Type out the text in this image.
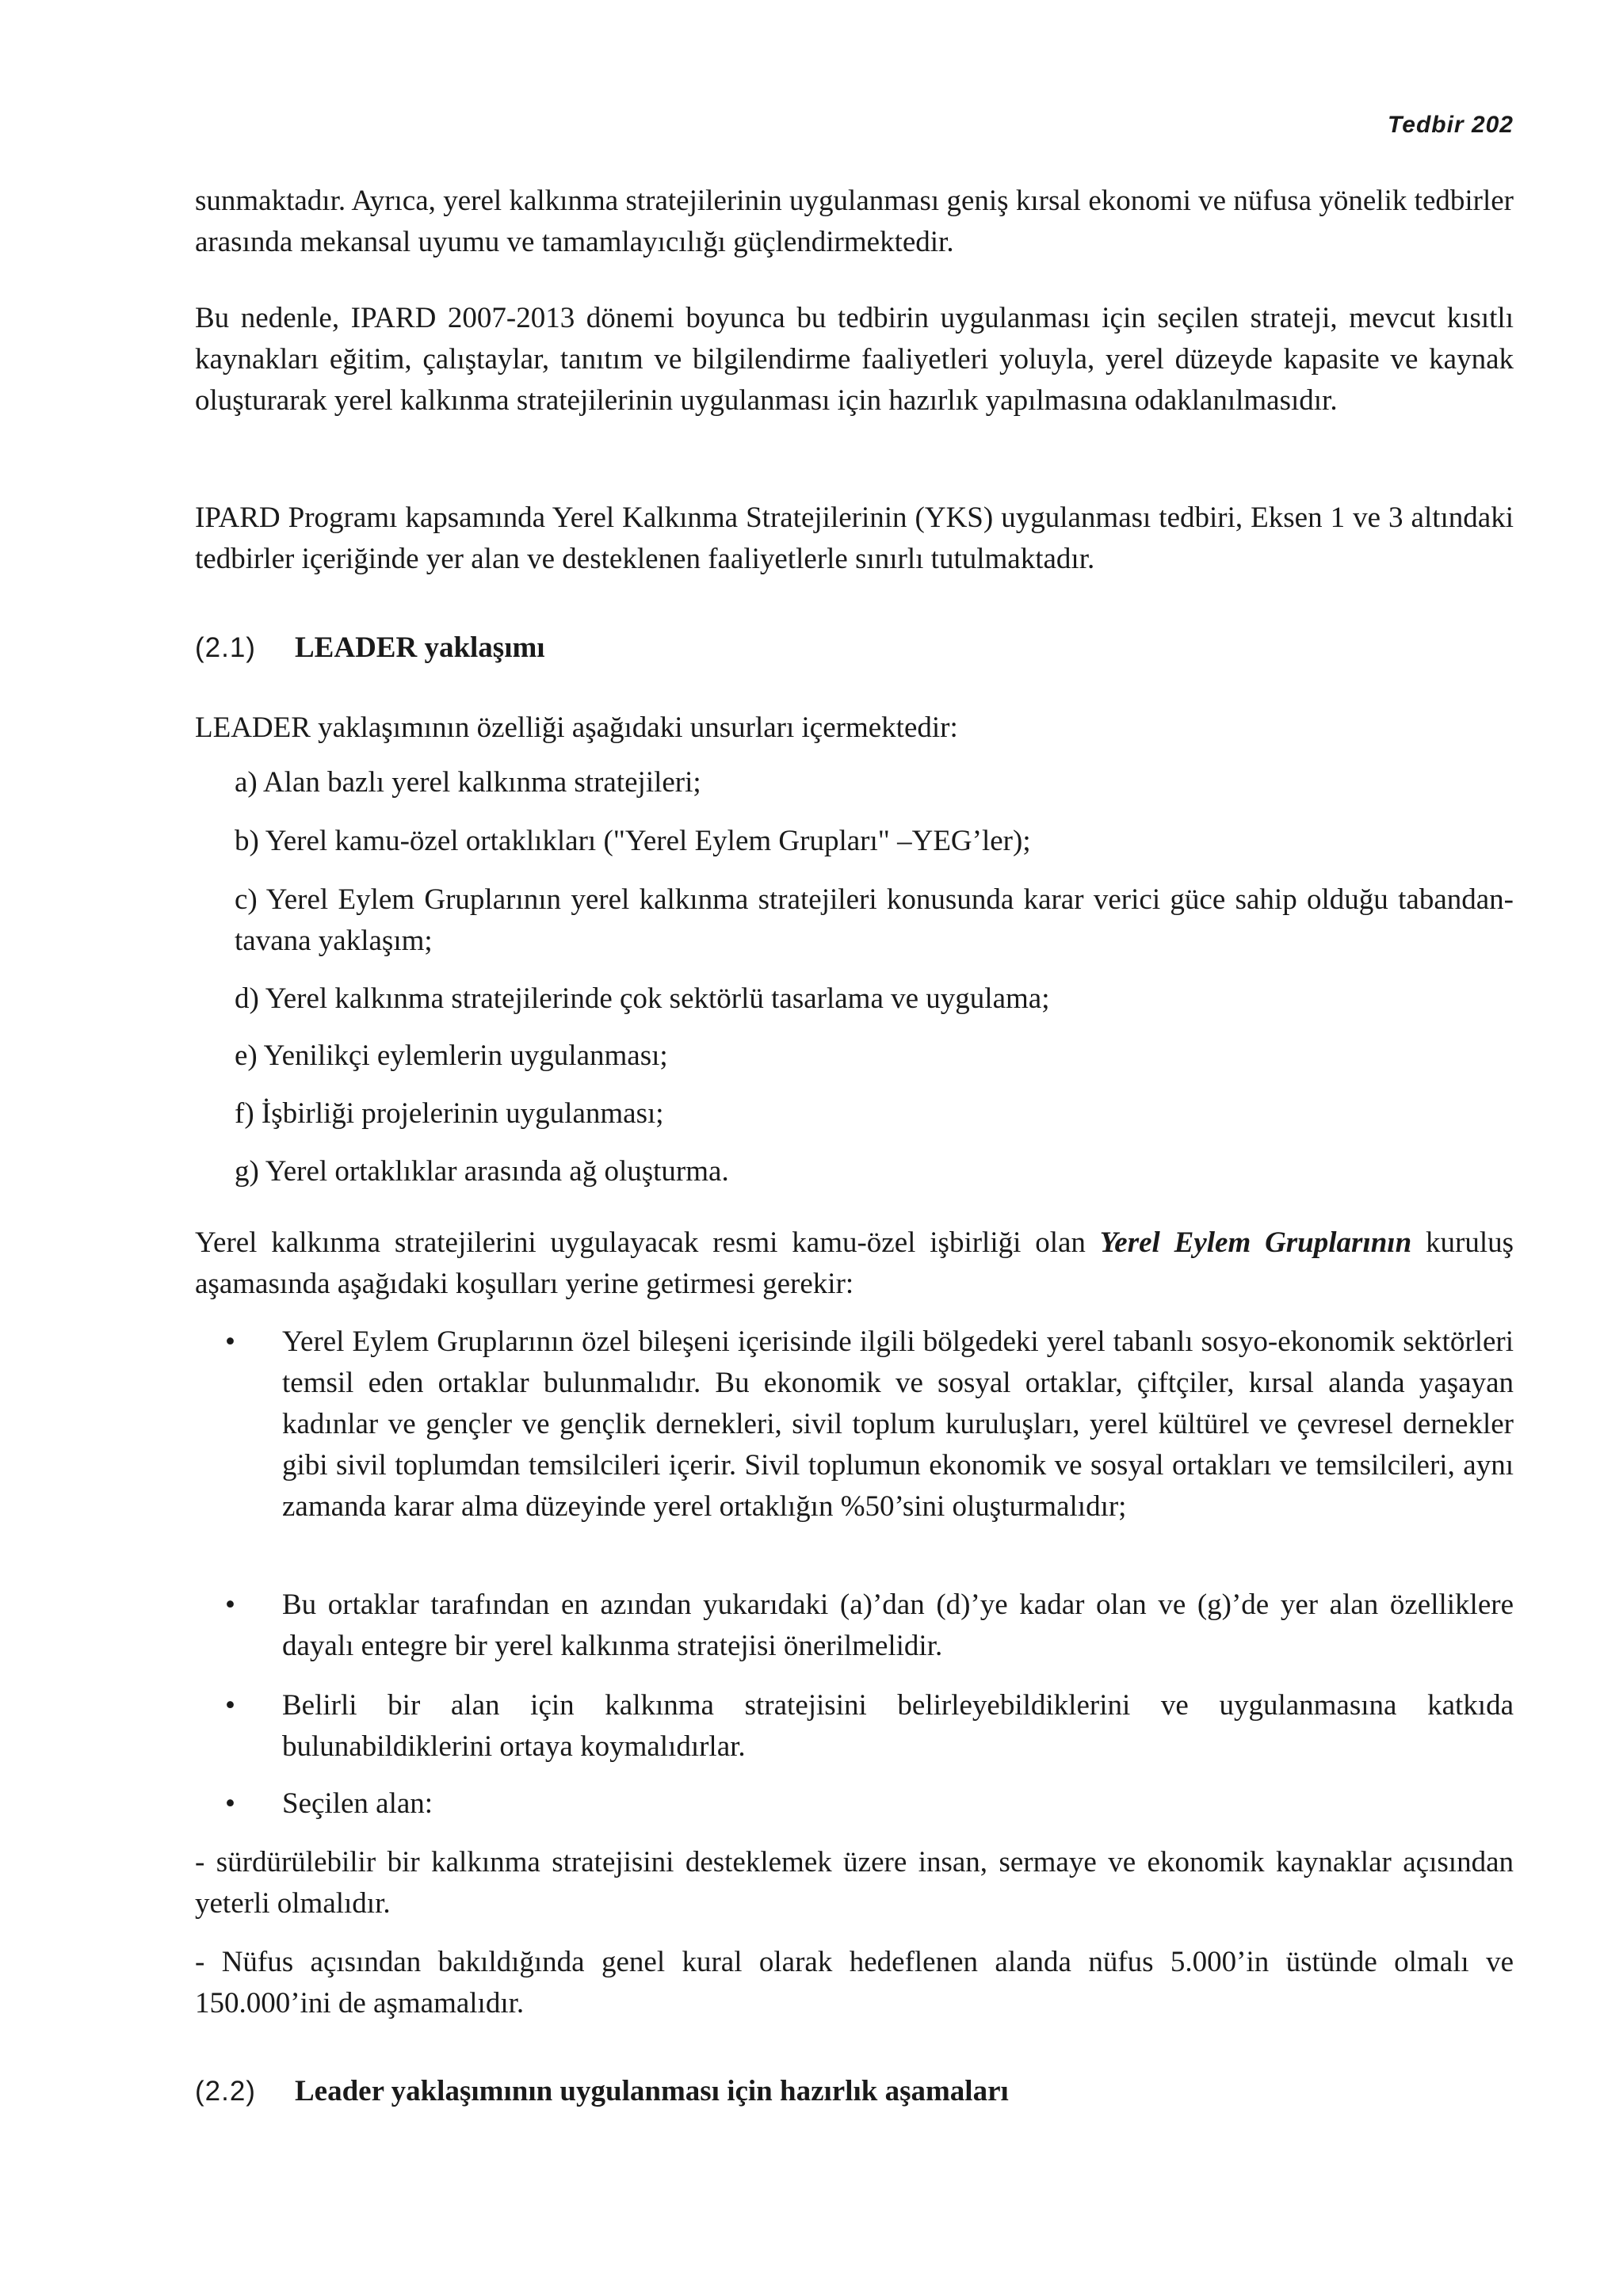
Tedbir 202

sunmaktadır. Ayrıca, yerel kalkınma stratejilerinin uygulanması geniş kırsal ekonomi ve nüfusa yönelik tedbirler arasında mekansal uyumu ve tamamlayıcılığı güçlendirmektedir.

Bu nedenle, IPARD 2007-2013 dönemi boyunca bu tedbirin uygulanması için seçilen strateji, mevcut kısıtlı kaynakları eğitim, çalıştaylar, tanıtım ve bilgilendirme faaliyetleri yoluyla, yerel düzeyde kapasite ve kaynak oluşturarak yerel kalkınma stratejilerinin uygulanması için hazırlık yapılmasına odaklanılmasıdır.

IPARD Programı kapsamında Yerel Kalkınma Stratejilerinin (YKS) uygulanması tedbiri, Eksen 1 ve 3 altındaki tedbirler içeriğinde yer alan ve desteklenen faaliyetlerle sınırlı tutulmaktadır.

(2.1) LEADER yaklaşımı

LEADER yaklaşımının özelliği aşağıdaki unsurları içermektedir:

a) Alan bazlı yerel kalkınma stratejileri;

b) Yerel kamu-özel ortaklıkları ("Yerel Eylem Grupları" –YEG’ler);

c) Yerel Eylem Gruplarının yerel kalkınma stratejileri konusunda karar verici güce sahip olduğu tabandan-tavana yaklaşım;

d) Yerel kalkınma stratejilerinde çok sektörlü tasarlama ve uygulama;

e) Yenilikçi eylemlerin uygulanması;

f) İşbirliği projelerinin uygulanması;

g) Yerel ortaklıklar arasında ağ oluşturma.

Yerel kalkınma stratejilerini uygulayacak resmi kamu-özel işbirliği olan Yerel Eylem Gruplarının kuruluş aşamasında aşağıdaki koşulları yerine getirmesi gerekir:

• Yerel Eylem Gruplarının özel bileşeni içerisinde ilgili bölgedeki yerel tabanlı sosyo-ekonomik sektörleri temsil eden ortaklar bulunmalıdır. Bu ekonomik ve sosyal ortaklar, çiftçiler, kırsal alanda yaşayan kadınlar ve gençler ve gençlik dernekleri, sivil toplum kuruluşları, yerel kültürel ve çevresel dernekler gibi sivil toplumdan temsilcileri içerir. Sivil toplumun ekonomik ve sosyal ortakları ve temsilcileri, aynı zamanda karar alma düzeyinde yerel ortaklığın %50’sini oluşturmalıdır;

• Bu ortaklar tarafından en azından yukarıdaki (a)’dan (d)’ye kadar olan ve (g)’de yer alan özelliklere dayalı entegre bir yerel kalkınma stratejisi önerilmelidir.

• Belirli bir alan için kalkınma stratejisini belirleyebildiklerini ve uygulanmasına katkıda bulunabildiklerini ortaya koymalıdırlar.

• Seçilen alan:

- sürdürülebilir bir kalkınma stratejisini desteklemek üzere insan, sermaye ve ekonomik kaynaklar açısından yeterli olmalıdır.

- Nüfus açısından bakıldığında genel kural olarak hedeflenen alanda nüfus 5.000’in üstünde olmalı ve 150.000’ini de aşmamalıdır.

(2.2) Leader yaklaşımının uygulanması için hazırlık aşamaları
